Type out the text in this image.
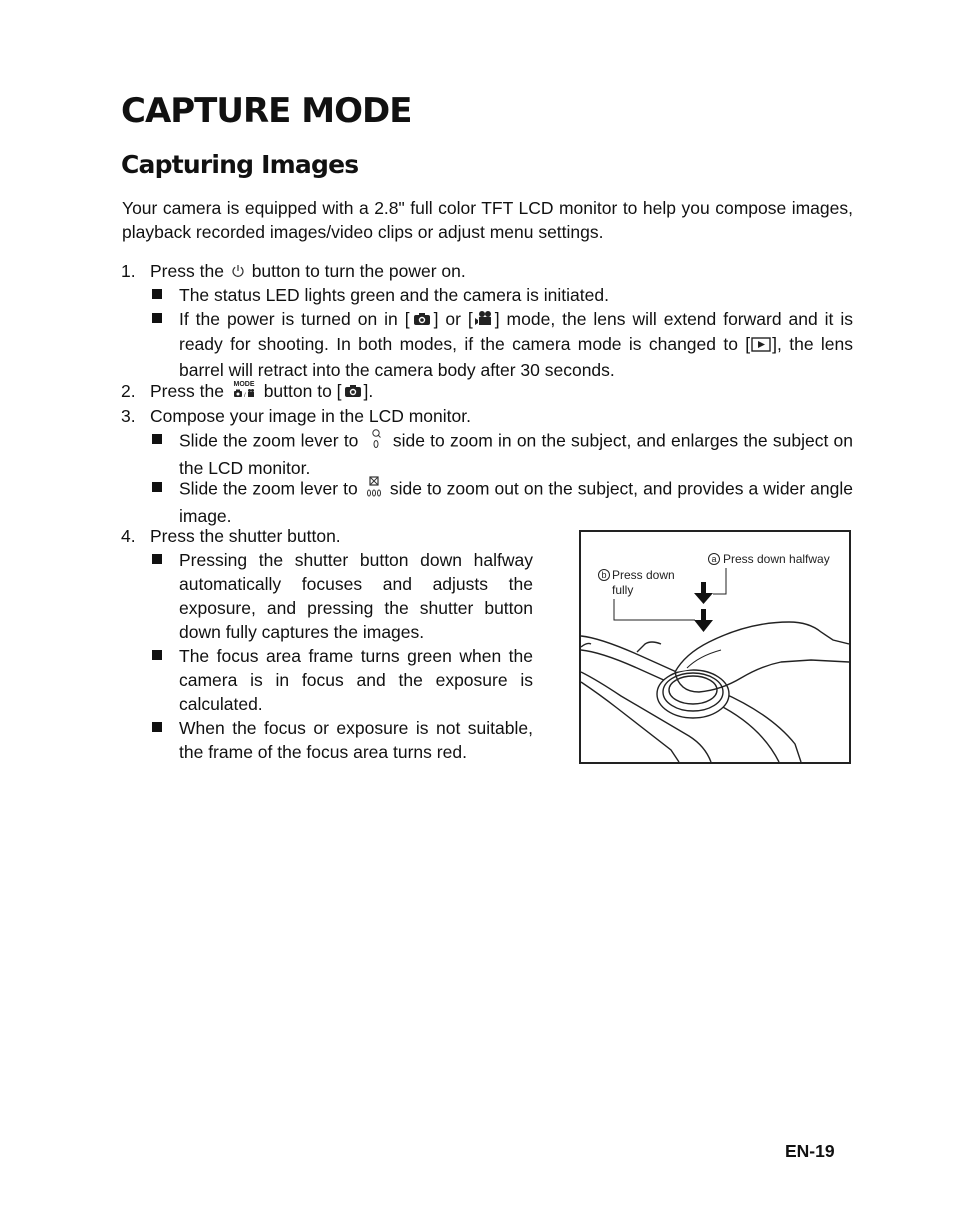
CAPTURE MODE
Capturing Images

Your camera is equipped with a 2.8" full color TFT LCD monitor to help you compose images, playback recorded images/video clips or adjust menu settings.

1. Press the button to turn the power on.

The status LED lights green and the camera is initiated.

If the power is turned on in [ ] or [ ] mode, the lens will extend forward and it is ready for shooting. In both modes, if the camera mode is changed to [ ], the lens barrel will retract into the camera body after 30 seconds.

2. Press the MODE
/ button to [ ].
3. Compose your image in the LCD monitor.

Slide the zoom lever to side to zoom in on the subject, and enlarges the subject on the LCD monitor.

Slide the zoom lever to side to zoom out on the subject, and provides a wider angle image.

4. Press the shutter button.

Pressing the shutter button down halfway automatically focuses and adjusts the exposure, and pressing the shutter button down fully captures the images.

The focus area frame turns green when the camera is in focus and the exposure is calculated.

When the focus or exposure is not suitable, the frame of the focus area turns red.

a Press down halfway
b Press down
fully
EN-19
